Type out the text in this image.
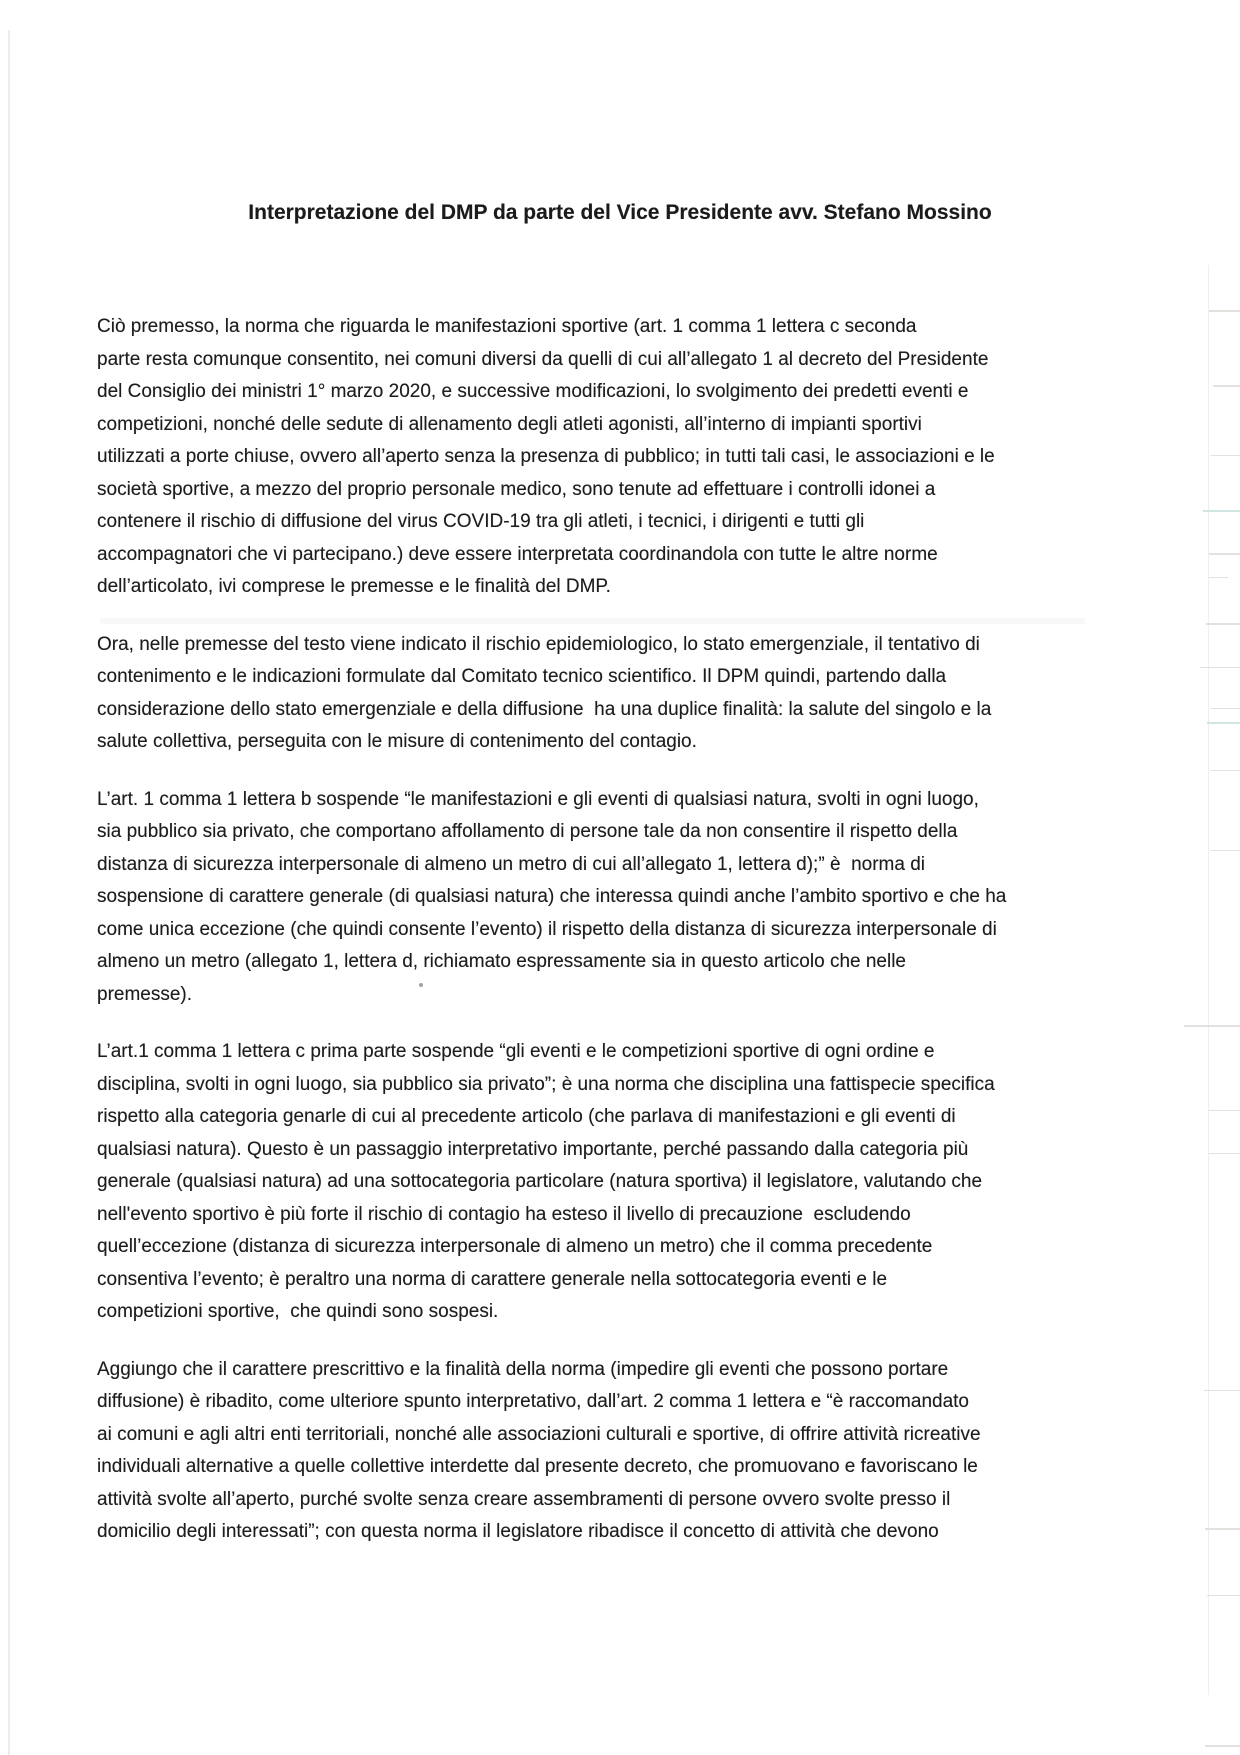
Interpretazione del DMP da parte del Vice Presidente avv. Stefano Mossino
Ciò premesso, la norma che riguarda le manifestazioni sportive (art. 1 comma 1 lettera c seconda
parte resta comunque consentito, nei comuni diversi da quelli di cui all’allegato 1 al decreto del Presidente
del Consiglio dei ministri 1° marzo 2020, e successive modificazioni, lo svolgimento dei predetti eventi e
competizioni, nonché delle sedute di allenamento degli atleti agonisti, all’interno di impianti sportivi
utilizzati a porte chiuse, ovvero all’aperto senza la presenza di pubblico; in tutti tali casi, le associazioni e le
società sportive, a mezzo del proprio personale medico, sono tenute ad effettuare i controlli idonei a
contenere il rischio di diffusione del virus COVID-19 tra gli atleti, i tecnici, i dirigenti e tutti gli
accompagnatori che vi partecipano.) deve essere interpretata coordinandola con tutte le altre norme
dell’articolato, ivi comprese le premesse e le finalità del DMP.
Ora, nelle premesse del testo viene indicato il rischio epidemiologico, lo stato emergenziale, il tentativo di
contenimento e le indicazioni formulate dal Comitato tecnico scientifico. Il DPM quindi, partendo dalla
considerazione dello stato emergenziale e della diffusione  ha una duplice finalità: la salute del singolo e la
salute collettiva, perseguita con le misure di contenimento del contagio.
L’art. 1 comma 1 lettera b sospende “le manifestazioni e gli eventi di qualsiasi natura, svolti in ogni luogo,
sia pubblico sia privato, che comportano affollamento di persone tale da non consentire il rispetto della
distanza di sicurezza interpersonale di almeno un metro di cui all’allegato 1, lettera d);” è  norma di
sospensione di carattere generale (di qualsiasi natura) che interessa quindi anche l’ambito sportivo e che ha
come unica eccezione (che quindi consente l’evento) il rispetto della distanza di sicurezza interpersonale di
almeno un metro (allegato 1, lettera d, richiamato espressamente sia in questo articolo che nelle
premesse).
L’art.1 comma 1 lettera c prima parte sospende “gli eventi e le competizioni sportive di ogni ordine e
disciplina, svolti in ogni luogo, sia pubblico sia privato”; è una norma che disciplina una fattispecie specifica
rispetto alla categoria genarle di cui al precedente articolo (che parlava di manifestazioni e gli eventi di
qualsiasi natura). Questo è un passaggio interpretativo importante, perché passando dalla categoria più
generale (qualsiasi natura) ad una sottocategoria particolare (natura sportiva) il legislatore, valutando che
nell'evento sportivo è più forte il rischio di contagio ha esteso il livello di precauzione  escludendo
quell’eccezione (distanza di sicurezza interpersonale di almeno un metro) che il comma precedente
consentiva l’evento; è peraltro una norma di carattere generale nella sottocategoria eventi e le
competizioni sportive,  che quindi sono sospesi.
Aggiungo che il carattere prescrittivo e la finalità della norma (impedire gli eventi che possono portare
diffusione) è ribadito, come ulteriore spunto interpretativo, dall’art. 2 comma 1 lettera e “è raccomandato
ai comuni e agli altri enti territoriali, nonché alle associazioni culturali e sportive, di offrire attività ricreative
individuali alternative a quelle collettive interdette dal presente decreto, che promuovano e favoriscano le
attività svolte all’aperto, purché svolte senza creare assembramenti di persone ovvero svolte presso il
domicilio degli interessati”; con questa norma il legislatore ribadisce il concetto di attività che devono
